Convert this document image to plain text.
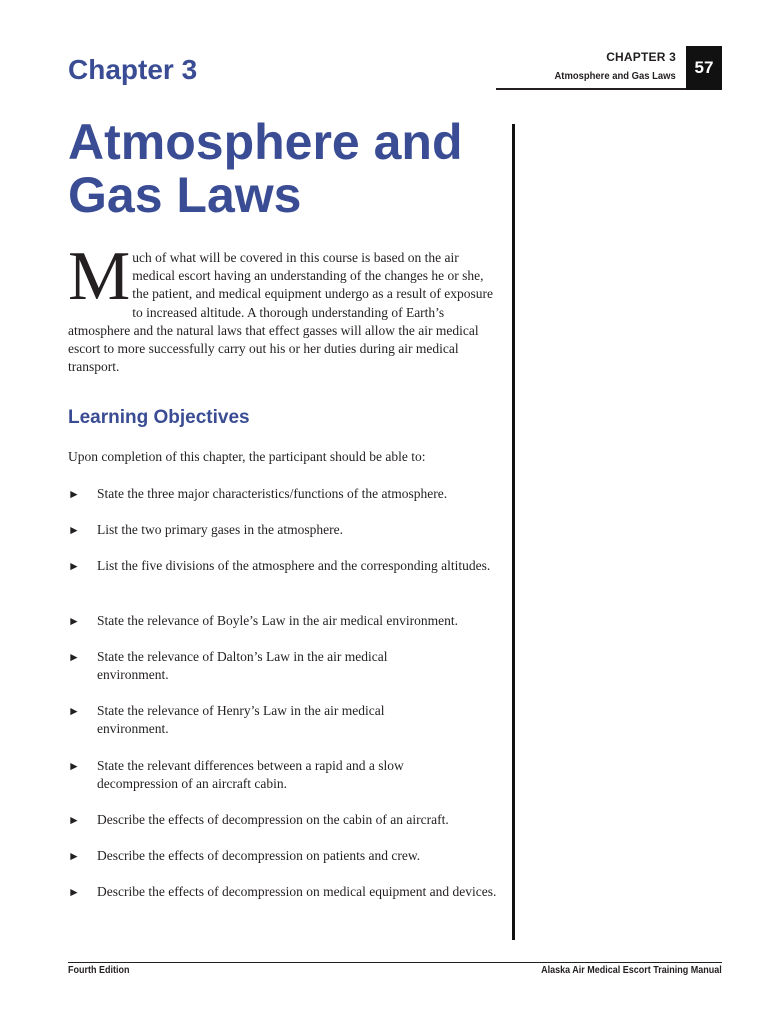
Chapter 3	CHAPTER 3
Atmosphere and Gas Laws	57
Atmosphere and Gas Laws

Much of what will be covered in this course is based on the air medical escort having an understanding of the changes he or she, the patient, and medical equipment undergo as a result of exposure to increased altitude. A thorough understanding of Earth’s atmosphere and the natural laws that effect gasses will allow the air medical escort to more successfully carry out his or her duties during air medical transport.

Learning Objectives

Upon completion of this chapter, the participant should be able to:

► State the three major characteristics/functions of the atmosphere.
► List the two primary gases in the atmosphere.
► List the five divisions of the atmosphere and the corresponding altitudes.
► State the relevance of Boyle’s Law in the air medical environment.
► State the relevance of Dalton’s Law in the air medical environment.
► State the relevance of Henry’s Law in the air medical environment.
► State the relevant differences between a rapid and a slow decompression of an aircraft cabin.
► Describe the effects of decompression on the cabin of an aircraft.
► Describe the effects of decompression on patients and crew.
► Describe the effects of decompression on medical equipment and devices.
Fourth Edition	Alaska Air Medical Escort Training Manual
